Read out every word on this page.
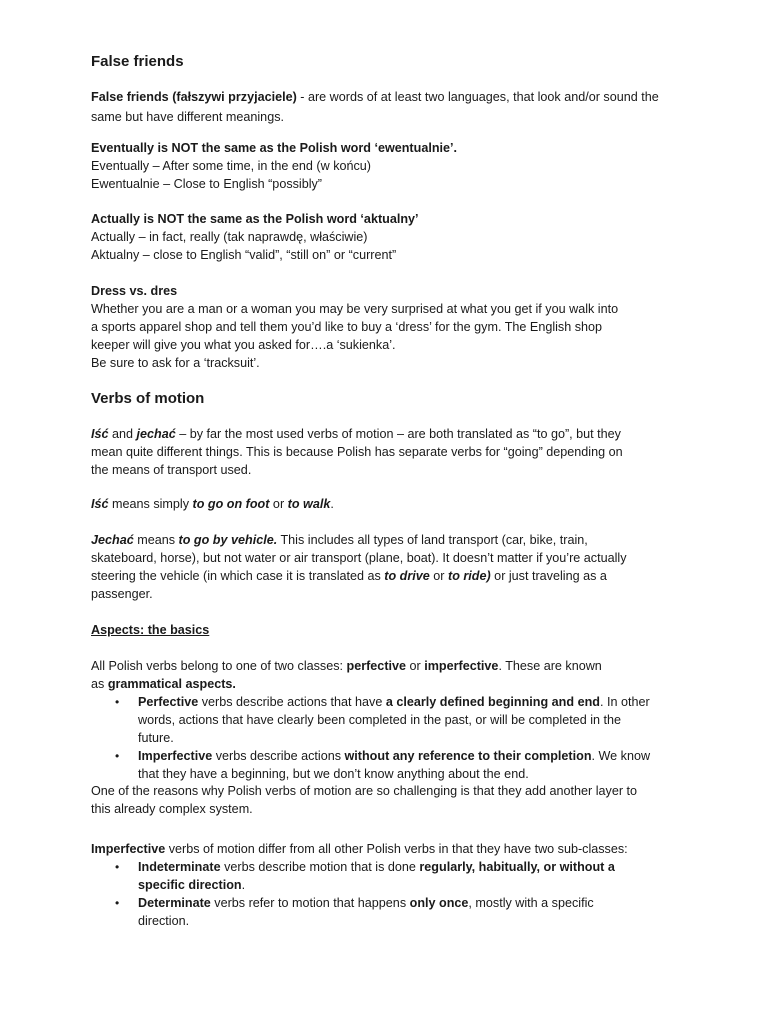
False friends

False friends (fałszywi przyjaciele) - are words of at least two languages, that look and/or sound the
same but have different meanings.

Eventually is NOT the same as the Polish word ‘ewentualnie’.
Eventually – After some time, in the end (w końcu)
Ewentualnie – Close to English “possibly”

Actually is NOT the same as the Polish word ‘aktualny’
Actually – in fact, really (tak naprawdę, właściwie)
Aktualny – close to English “valid”, “still on” or “current”

Dress vs. dres
Whether you are a man or a woman you may be very surprised at what you get if you walk into
a sports apparel shop and tell them you’d like to buy a ‘dress’ for the gym. The English shop
keeper will give you what you asked for….a ‘sukienka’.
Be sure to ask for a ‘tracksuit’.

Verbs of motion

Iść and jechać – by far the most used verbs of motion – are both translated as “to go”, but they
mean quite different things. This is because Polish has separate verbs for “going” depending on
the means of transport used.

Iść means simply to go on foot or to walk.

Jechać means to go by vehicle. This includes all types of land transport (car, bike, train,
skateboard, horse), but not water or air transport (plane, boat). It doesn’t matter if you’re actually
steering the vehicle (in which case it is translated as to drive or to ride) or just traveling as a
passenger.

Aspects: the basics

All Polish verbs belong to one of two classes: perfective or imperfective. These are known
as grammatical aspects.

• Perfective verbs describe actions that have a clearly defined beginning and end. In other
words, actions that have clearly been completed in the past, or will be completed in the
future.
• Imperfective verbs describe actions without any reference to their completion. We know
that they have a beginning, but we don’t know anything about the end.

One of the reasons why Polish verbs of motion are so challenging is that they add another layer to
this already complex system.

Imperfective verbs of motion differ from all other Polish verbs in that they have two sub-classes:

• Indeterminate verbs describe motion that is done regularly, habitually, or without a
specific direction.
• Determinate verbs refer to motion that happens only once, mostly with a specific
direction.
